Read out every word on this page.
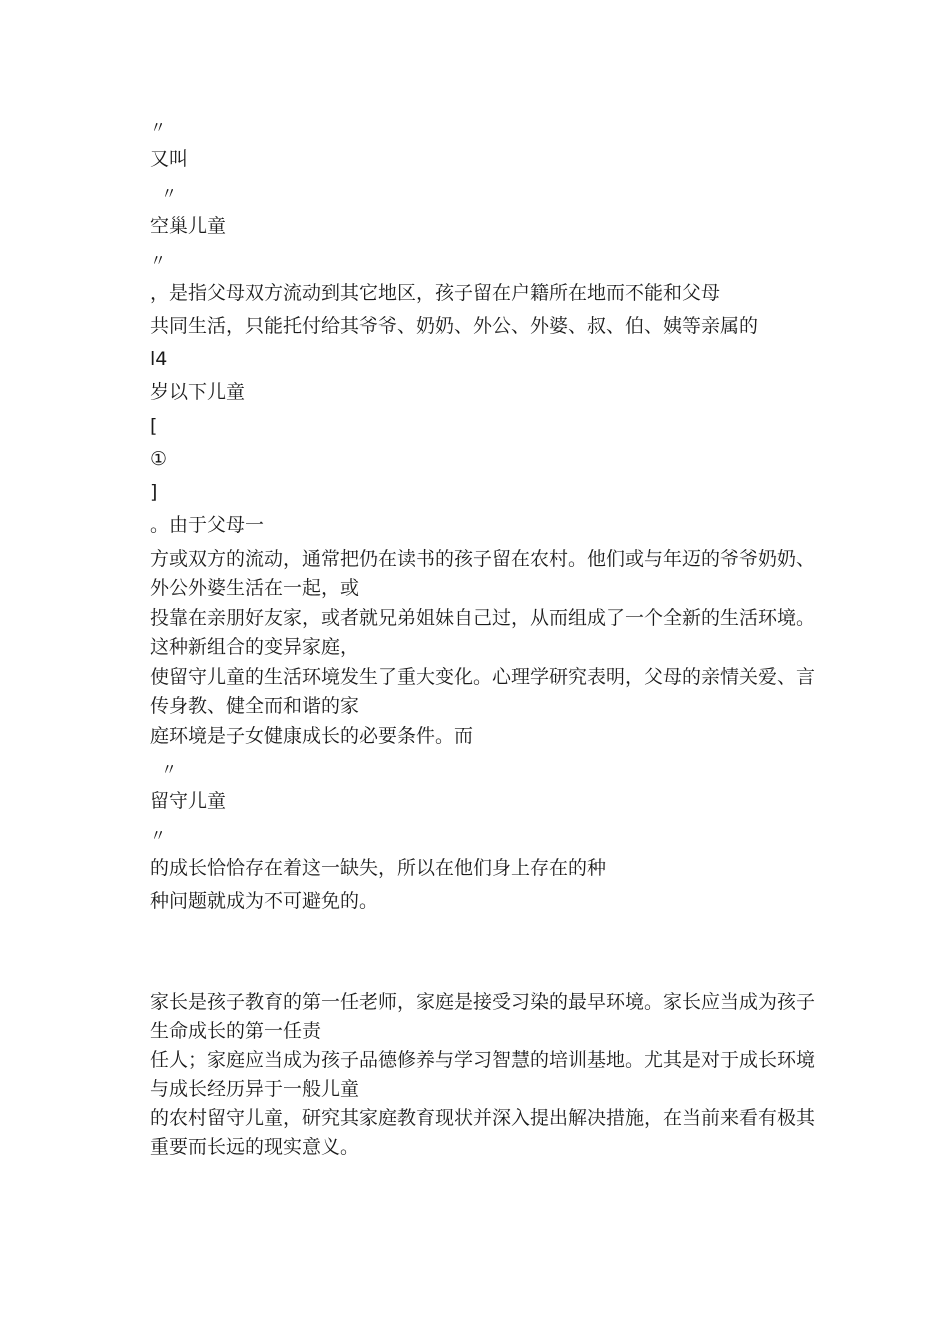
〃
又叫
〃
空巢儿童
〃
，是指父母双方流动到其它地区，孩子留在户籍所在地而不能和父母
共同生活，只能托付给其爷爷、奶奶、外公、外婆、叔、伯、姨等亲属的
l4
岁以下儿童
[
①
]
。由于父母一
方或双方的流动，通常把仍在读书的孩子留在农村。他们或与年迈的爷爷奶奶、外公外婆生活在一起，或
投靠在亲朋好友家，或者就兄弟姐妹自己过，从而组成了一个全新的生活环境。这种新组合的变异家庭，
使留守儿童的生活环境发生了重大变化。心理学研究表明，父母的亲情关爱、言传身教、健全而和谐的家
庭环境是子女健康成长的必要条件。而
〃
留守儿童
〃
的成长恰恰存在着这一缺失，所以在他们身上存在的种
种问题就成为不可避免的。
家长是孩子教育的第一任老师，家庭是接受习染的最早环境。家长应当成为孩子生命成长的第一任责
任人；家庭应当成为孩子品德修养与学习智慧的培训基地。尤其是对于成长环境与成长经历异于一般儿童
的农村留守儿童，研究其家庭教育现状并深入提出解决措施，在当前来看有极其重要而长远的现实意义。
